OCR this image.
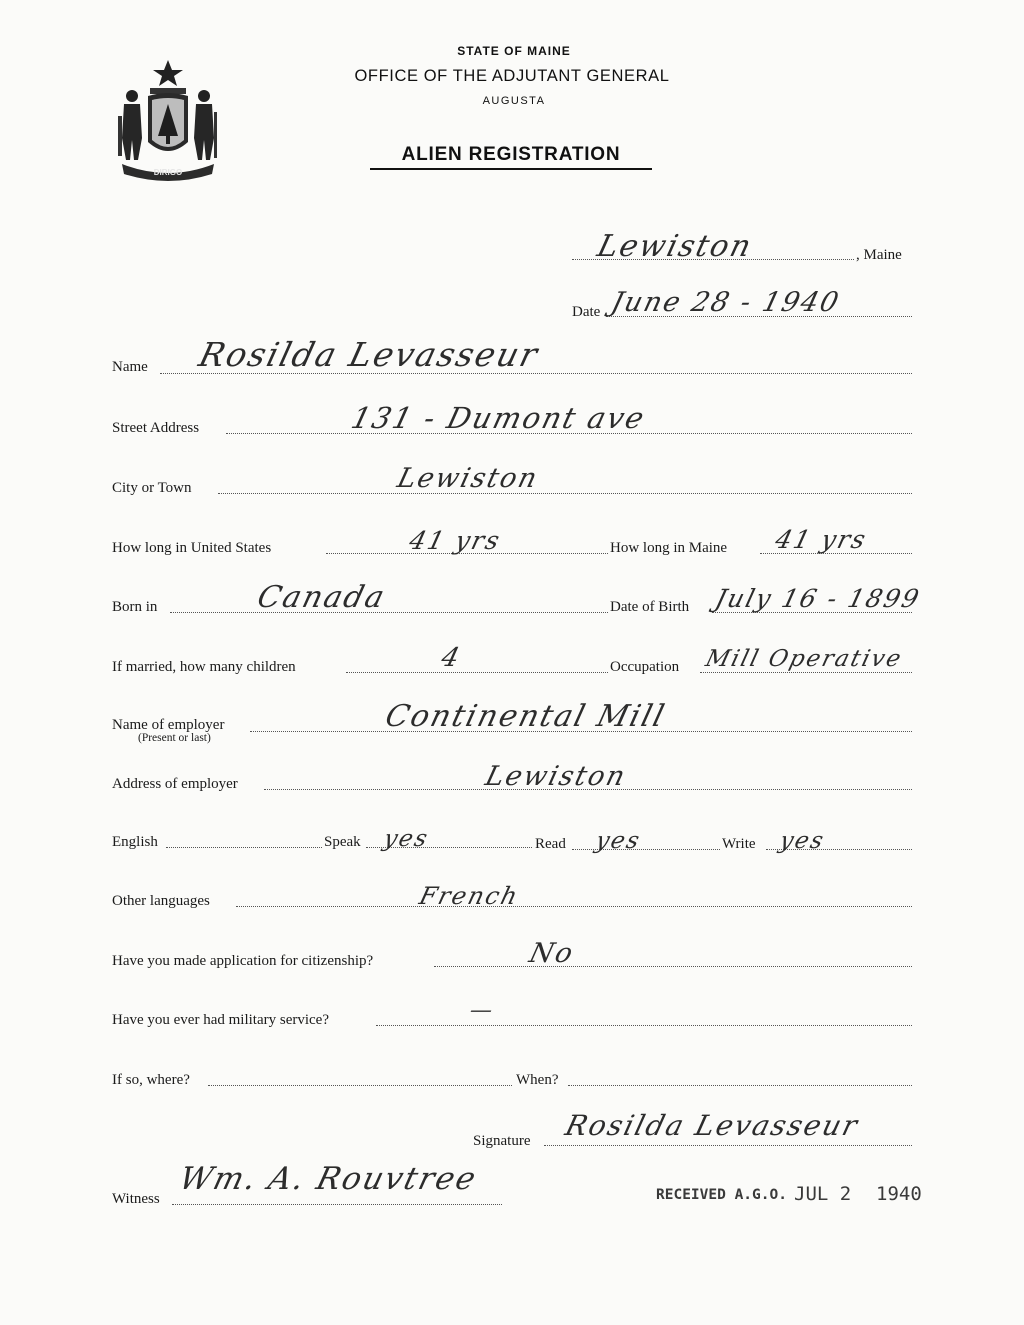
DIRIGO
STATE OF MAINE
OFFICE OF THE ADJUTANT GENERAL
AUGUSTA
ALIEN REGISTRATION
Lewiston	, Maine
Date June 28 - 1940
Name Rosilda Levasseur
Street Address	131 - Dumont ave
City or Town	Lewiston
How long in United States	41 yrs	How long in Maine 41 yrs
Born in	Canada	Date of Birth July 16 - 1899
If married, how many children	4	Occupation Mill Operative
Name of employer
(Present or last)
Continental Mill
Address of employer	Lewiston
English	Speak yes	Read yes	Write yes
Other languages	French
Have you made application for citizenship?	No
Have you ever had military service?	—
If so, where?	When?
Signature Rosilda Levasseur
Witness
Wm. A. Rouvtree	RECEIVED A.G.O. JUL 2 1940
